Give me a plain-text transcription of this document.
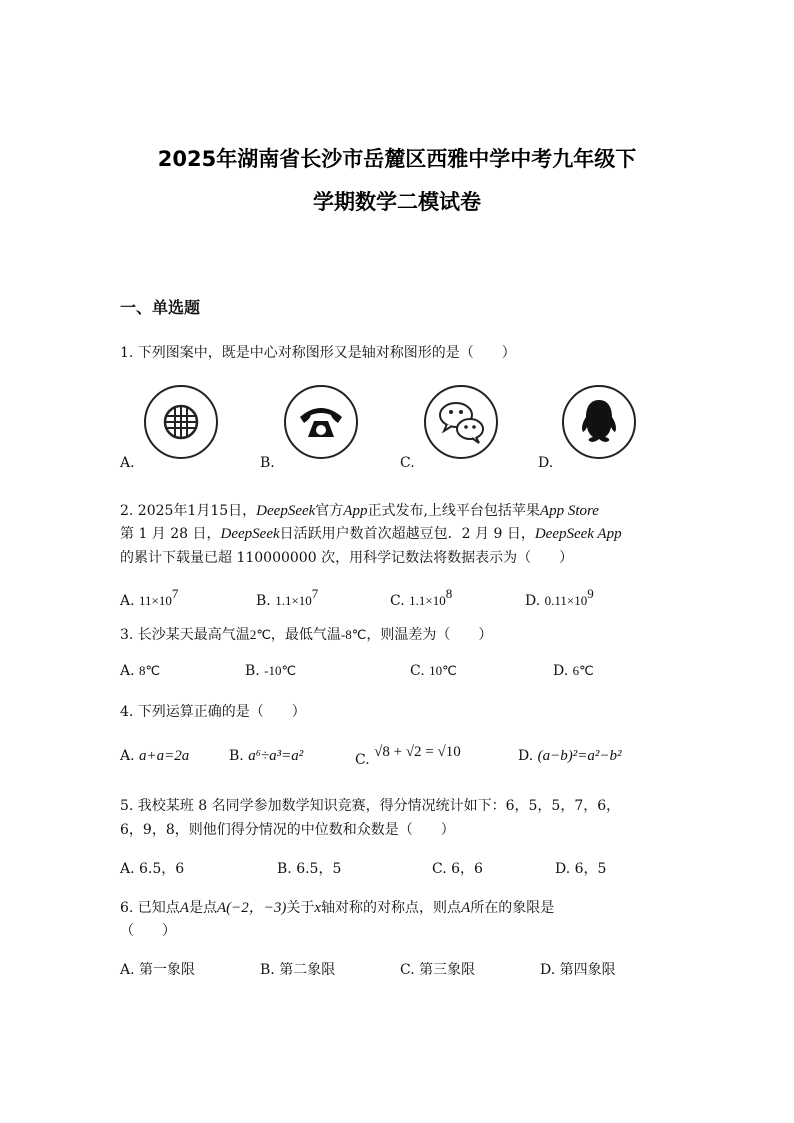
2025年湖南省长沙市岳麓区西雅中学中考九年级下
学期数学二模试卷
一、单选题
1. 下列图案中，既是中心对称图形又是轴对称图形的是（　　）
A.	B.	C.	D.
2. 2025年1月15日，DeepSeek官方App正式发布,上线平台包括苹果App Store
第 1 月 28 日，DeepSeek日活跃用户数首次超越豆包．2 月 9 日，DeepSeek App
的累计下载量已超 110000000 次，用科学记数法将数据表示为（　　）
A. $11\times 10^7$	B. $1.1\times 10^7$	C. $1.1\times 10^8$	D. $0.11\times 10^9$
3. 长沙某天最高气温2℃，最低气温-8℃，则温差为（　　）
A. 8℃	B. -10℃	C. 10℃	D. 6℃
4. 下列运算正确的是（　　）
A. a+a=2a	B. a⁶÷a³=a²	C. √8 + √2 = √10	D. (a−b)²=a²−b²
5. 我校某班 8 名同学参加数学知识竞赛，得分情况统计如下：6，5，5，7，6，
6，9，8，则他们得分情况的中位数和众数是（　　）
A. 6.5，6	B. 6.5，5	C. 6，6	D. 6，5
6. 已知点A是点A(−2，−3)关于x轴对称的对称点，则点A所在的象限是
（　　）
A. 第一象限	B. 第二象限	C. 第三象限	D. 第四象限
